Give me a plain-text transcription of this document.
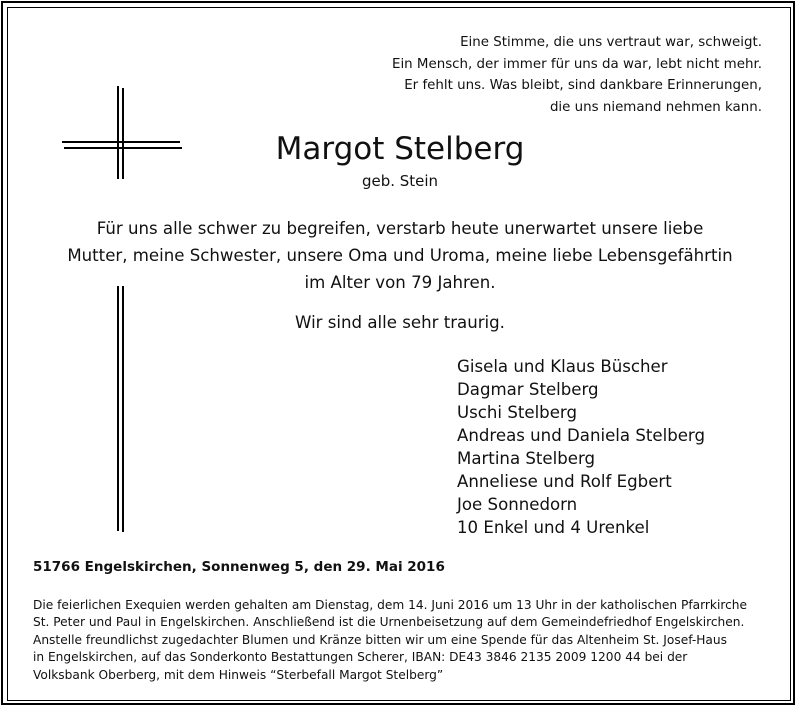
Eine Stimme, die uns vertraut war, schweigt.
Ein Mensch, der immer für uns da war, lebt nicht mehr.
Er fehlt uns. Was bleibt, sind dankbare Erinnerungen,
die uns niemand nehmen kann.
Margot Stelberg
geb. Stein
Für uns alle schwer zu begreifen, verstarb heute unerwartet unsere liebe
Mutter, meine Schwester, unsere Oma und Uroma, meine liebe Lebensgefährtin
im Alter von 79 Jahren.
Wir sind alle sehr traurig.
Gisela und Klaus Büscher
Dagmar Stelberg
Uschi Stelberg
Andreas und Daniela Stelberg
Martina Stelberg
Anneliese und Rolf Egbert
Joe Sonnedorn
10 Enkel und 4 Urenkel
51766 Engelskirchen, Sonnenweg 5, den 29. Mai 2016
Die feierlichen Exequien werden gehalten am Dienstag, dem 14. Juni 2016 um 13 Uhr in der katholischen Pfarrkirche
St. Peter und Paul in Engelskirchen. Anschließend ist die Urnenbeisetzung auf dem Gemeindefriedhof Engelskirchen.
Anstelle freundlichst zugedachter Blumen und Kränze bitten wir um eine Spende für das Altenheim St. Josef-Haus
in Engelskirchen, auf das Sonderkonto Bestattungen Scherer, IBAN: DE43 3846 2135 2009 1200 44 bei der
Volksbank Oberberg, mit dem Hinweis “Sterbefall Margot Stelberg”
